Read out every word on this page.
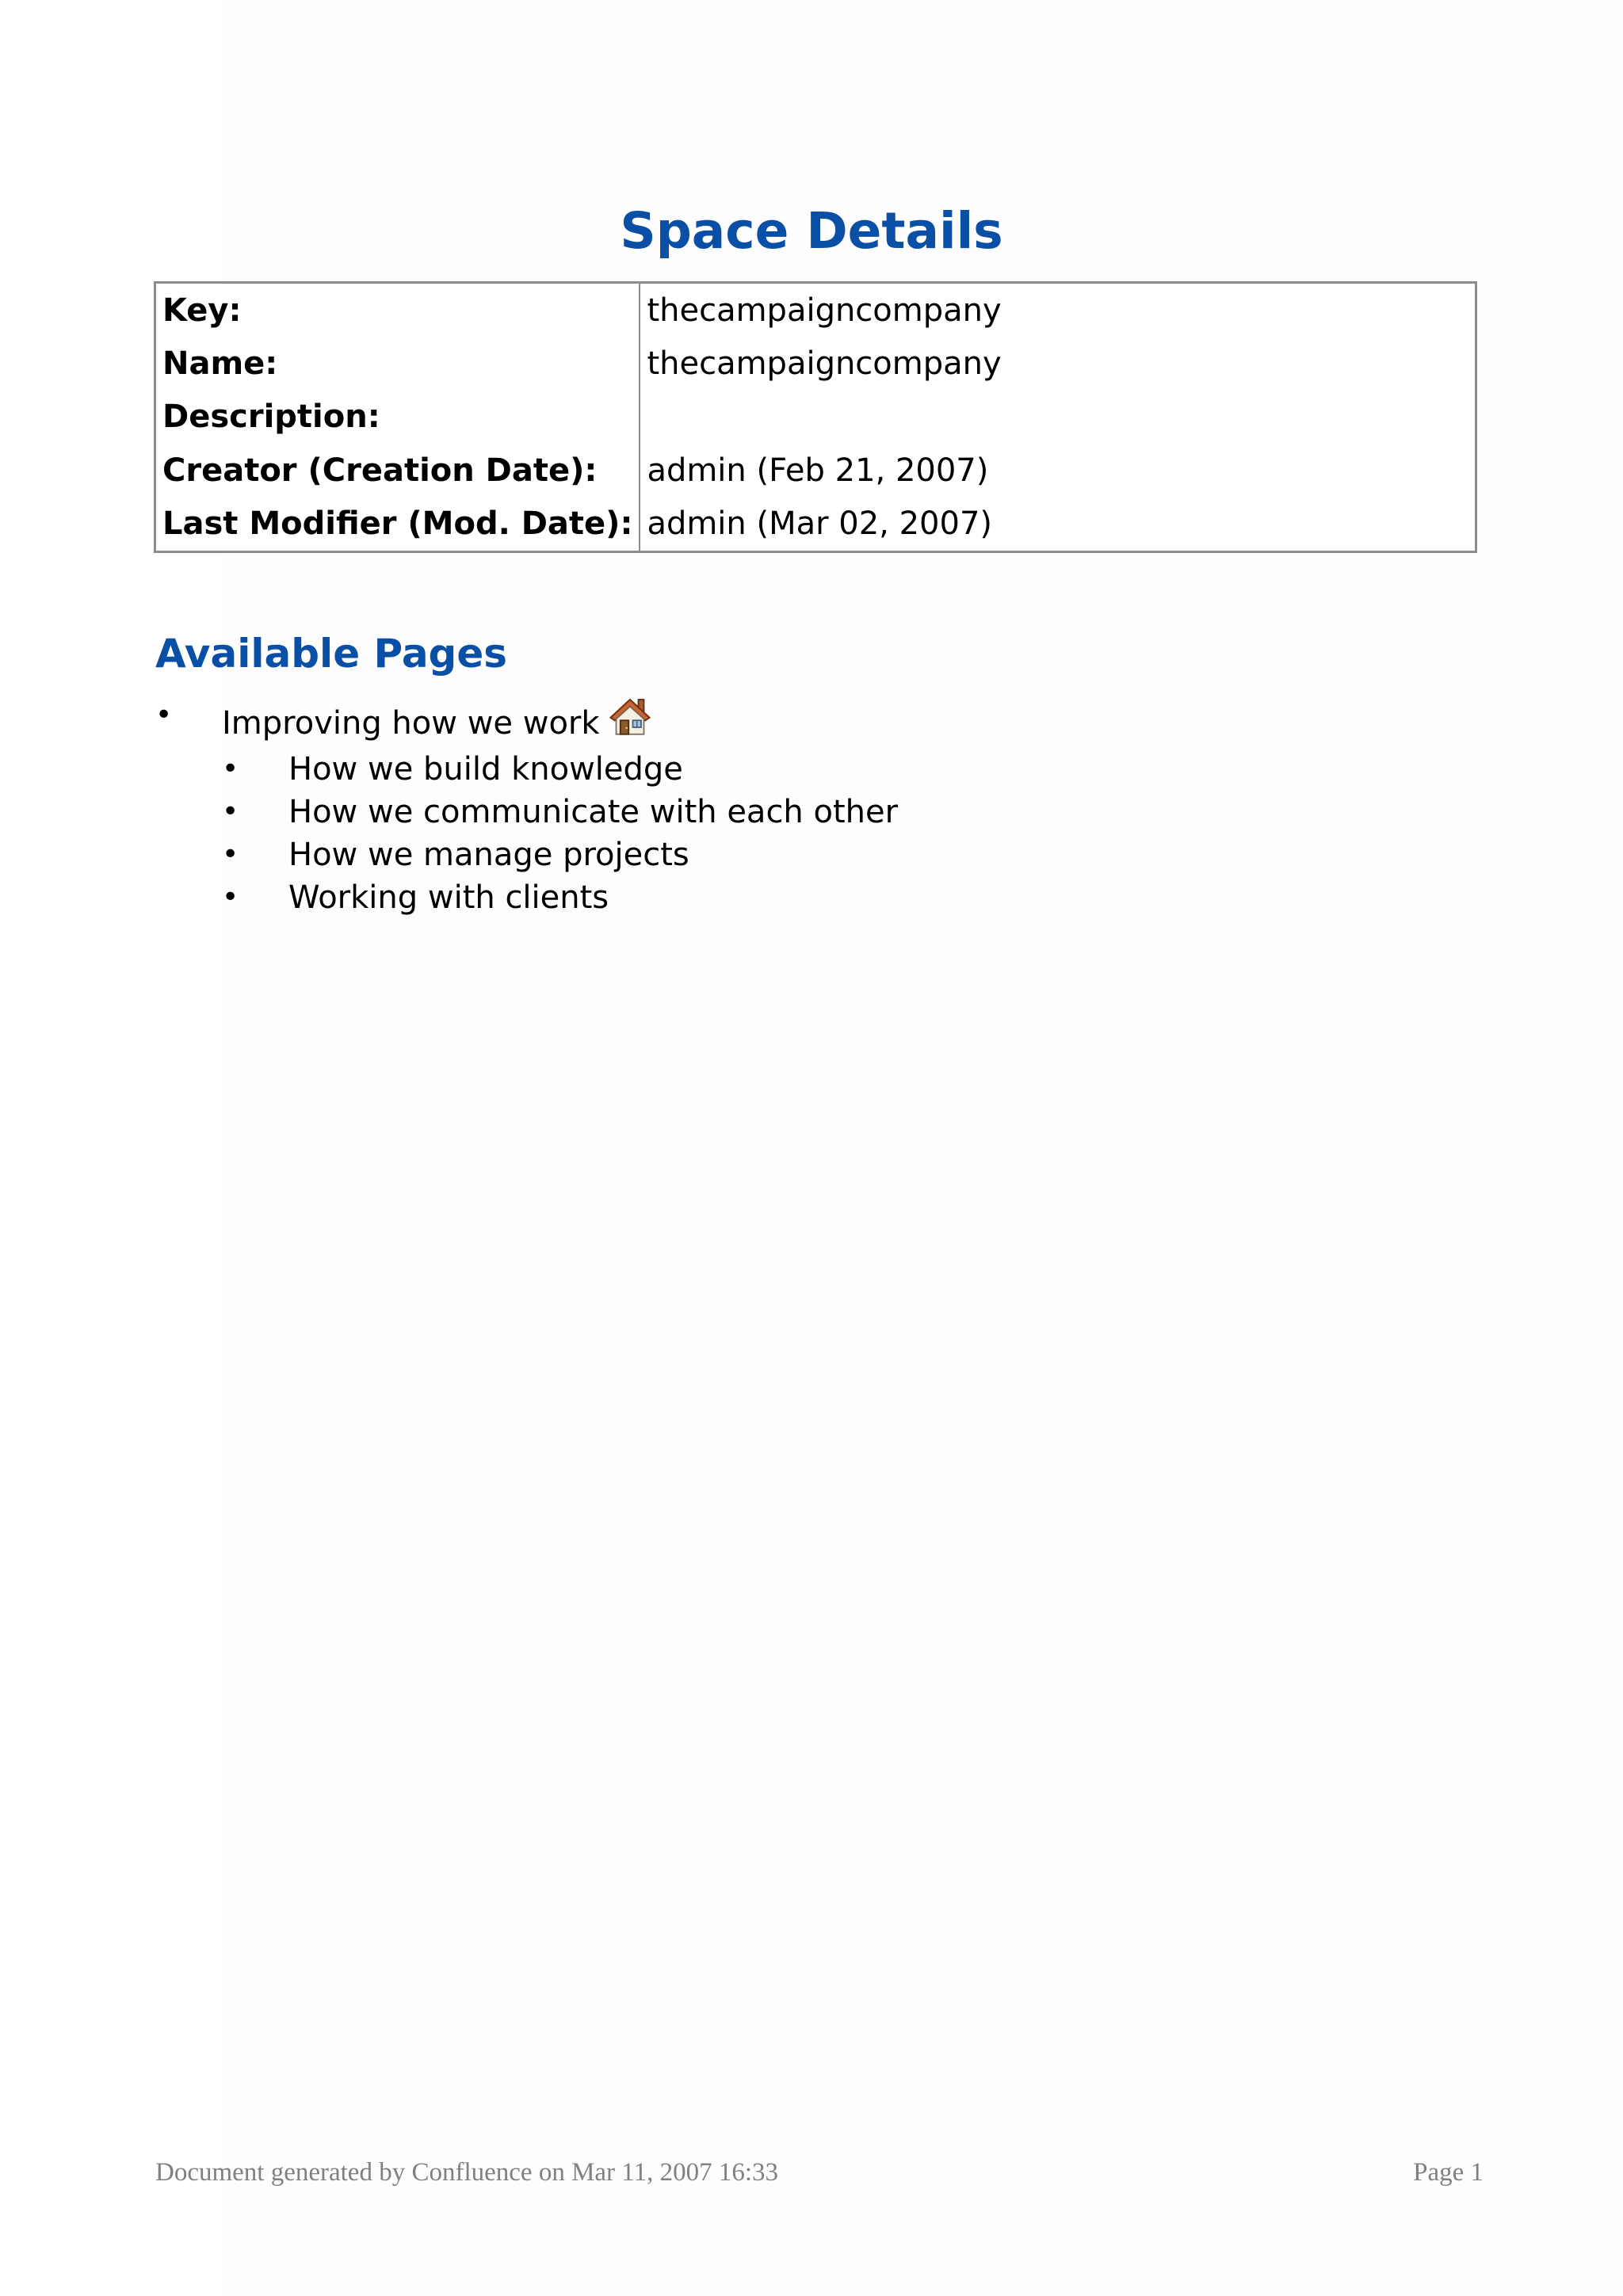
Space Details
Key:	thecampaigncompany
Name:	thecampaigncompany
Description:	
Creator (Creation Date):	admin (Feb 21, 2007)
Last Modifier (Mod. Date):	admin (Mar 02, 2007)
Available Pages
• Improving how we work
• How we build knowledge
• How we communicate with each other
• How we manage projects
• Working with clients
Document generated by Confluence on Mar 11, 2007 16:33	Page 1
